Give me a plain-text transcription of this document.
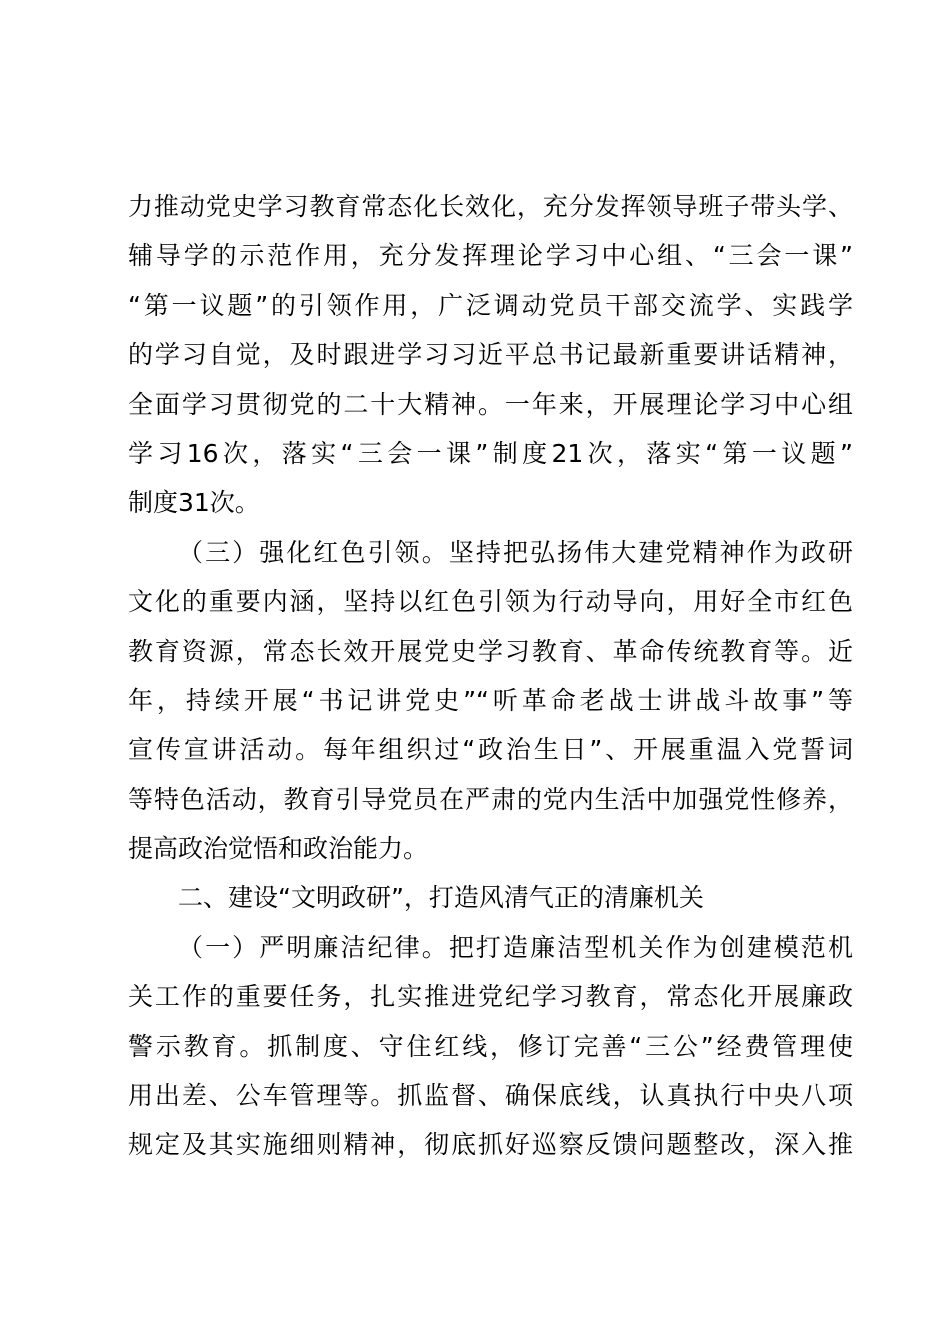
力推动党史学习教育常态化长效化，充分发挥领导班子带头学、
辅导学的示范作用，充分发挥理论学习中心组、“三会一课”
“第一议题”的引领作用，广泛调动党员干部交流学、实践学
的学习自觉，及时跟进学习习近平总书记最新重要讲话精神，
全面学习贯彻党的二十大精神。一年来，开展理论学习中心组
学习16次，落实“三会一课”制度21次，落实“第一议题”
制度31次。
（三）强化红色引领。坚持把弘扬伟大建党精神作为政研
文化的重要内涵，坚持以红色引领为行动导向，用好全市红色
教育资源，常态长效开展党史学习教育、革命传统教育等。近
年，持续开展“书记讲党史”“听革命老战士讲战斗故事”等
宣传宣讲活动。每年组织过“政治生日”、开展重温入党誓词
等特色活动，教育引导党员在严肃的党内生活中加强党性修养，
提高政治觉悟和政治能力。
二、建设“文明政研”，打造风清气正的清廉机关
（一）严明廉洁纪律。把打造廉洁型机关作为创建模范机
关工作的重要任务，扎实推进党纪学习教育，常态化开展廉政
警示教育。抓制度、守住红线，修订完善“三公”经费管理使
用出差、公车管理等。抓监督、确保底线，认真执行中央八项
规定及其实施细则精神，彻底抓好巡察反馈问题整改，深入推
